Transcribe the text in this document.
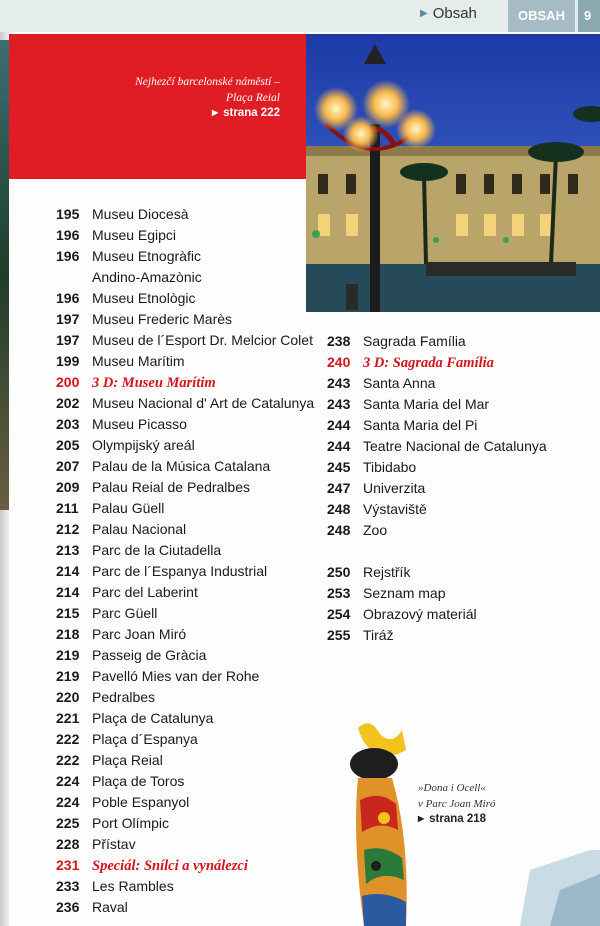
▶ Obsah	OBSAH	9
Nejhezčí barcelonské náměstí –
Plaça Reial
▶ strana 222
195 Museu Diocesà
196 Museu Egipci
196 Museu Etnogràfic
Andino-Amazònic
196 Museu Etnològic
197 Museu Frederic Marès
197 Museu de l´Esport Dr. Melcior Colet
199 Museu Marítim
200 3 D: Museu Marítim
202 Museu Nacional d' Art de Catalunya
203 Museu Picasso
205 Olympijský areál
207 Palau de la Música Catalana
209 Palau Reial de Pedralbes
211 Palau Güell
212 Palau Nacional
213 Parc de la Ciutadella
214 Parc de l´Espanya Industrial
214 Parc del Laberint
215 Parc Güell
218 Parc Joan Miró
219 Passeig de Gràcia
219 Pavelló Mies van der Rohe
220 Pedralbes
221 Plaça de Catalunya
222 Plaça d´Espanya
222 Plaça Reial
224 Plaça de Toros
224 Poble Espanyol
225 Port Olímpic
228 Přístav
231 Speciál: Snílci a vynálezci
233 Les Rambles
236 Raval
238 Sagrada Família
240 3 D: Sagrada Família
243 Santa Anna
243 Santa Maria del Mar
244 Santa Maria del Pi
244 Teatre Nacional de Catalunya
245 Tibidabo
247 Univerzita
248 Výstaviště
248 Zoo
250 Rejstřík
253 Seznam map
254 Obrazový materiál
255 Tiráž
»Dona i Ocell«
v Parc Joan Miró
▶ strana 218
